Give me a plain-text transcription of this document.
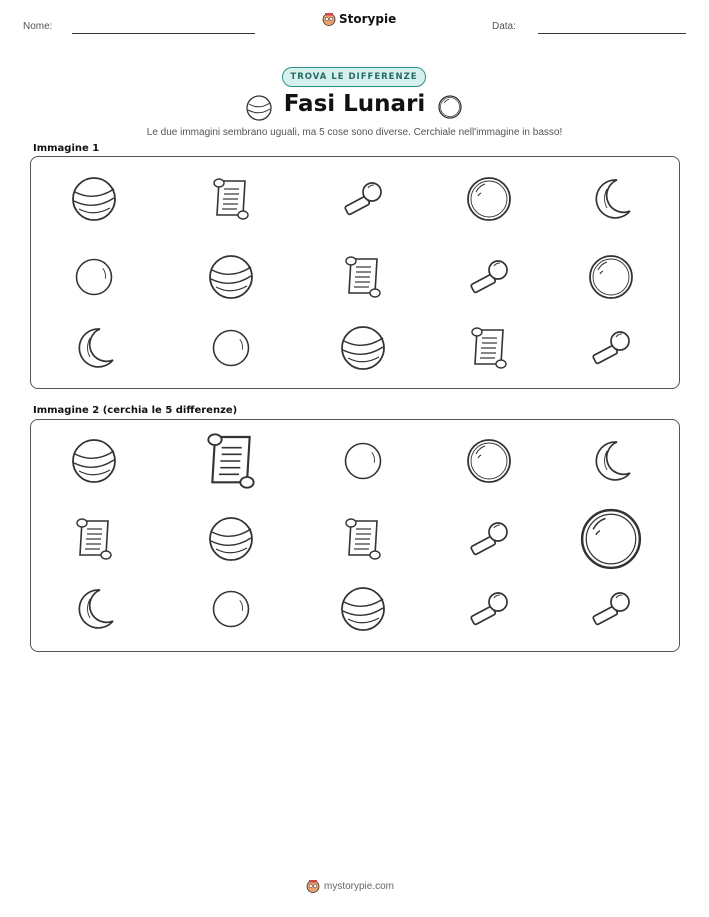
Nome:
Storypie
Data:
TROVA LE DIFFERENZE
Fasi Lunari
Le due immagini sembrano uguali, ma 5 cose sono diverse. Cerchiale nell'immagine in basso!
Immagine 1
Immagine 2 (cerchia le 5 differenze)
mystorypie.com
